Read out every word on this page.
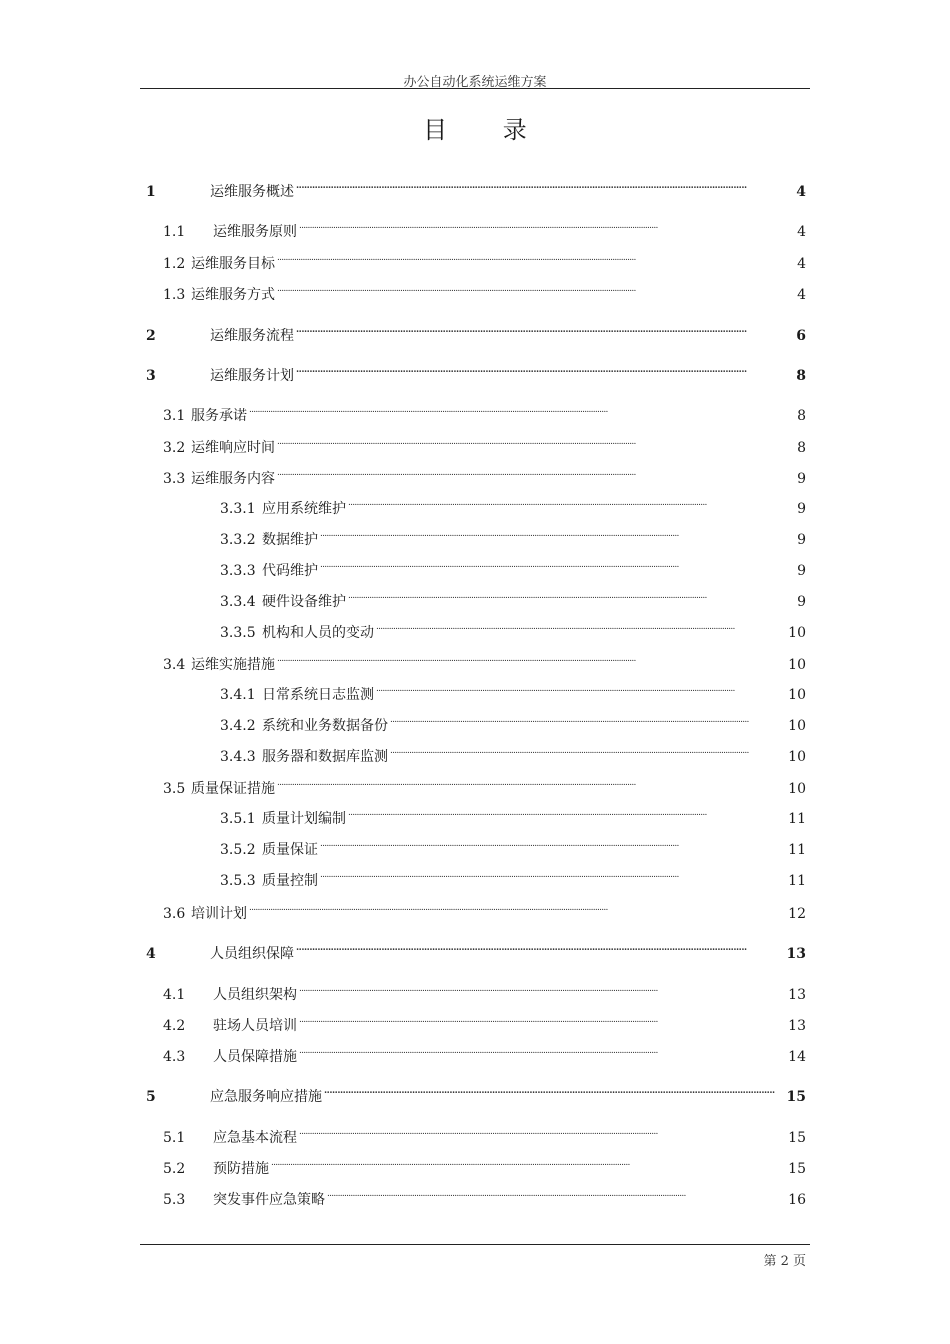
办公自动化系统运维方案
目 录
1	运维服务概述 . . .	4
1.1	运维服务原则 . . .	4
1.2 运维服务目标 . . .	4
1.3 运维服务方式 . . .	4
2	运维服务流程 . . .	6
3	运维服务计划 . . .	8
3.1 服务承诺 . . .	8
3.2 运维响应时间 . . .	8
3.3 运维服务内容 . . .	9
3.3.1 应用系统维护 . . .	9
3.3.2 数据维护 . . .	9
3.3.3 代码维护 . . .	9
3.3.4 硬件设备维护 . . .	9
3.3.5 机构和人员的变动 . . .	10
3.4 运维实施措施 . . .	10
3.4.1 日常系统日志监测 . . .	10
3.4.2 系统和业务数据备份 . . .	10
3.4.3 服务器和数据库监测 . . .	10
3.5 质量保证措施 . . .	10
3.5.1 质量计划编制 . . .	11
3.5.2 质量保证 . . .	11
3.5.3 质量控制 . . .	11
3.6 培训计划 . . .	12
4	人员组织保障 . . .	13
4.1	人员组织架构 . . .	13
4.2	驻场人员培训 . . .	13
4.3	人员保障措施 . . .	14
5	应急服务响应措施 . . .	15
5.1	应急基本流程 . . .	15
5.2	预防措施 . . .	15
5.3	突发事件应急策略 . . .	16
第 2 页
